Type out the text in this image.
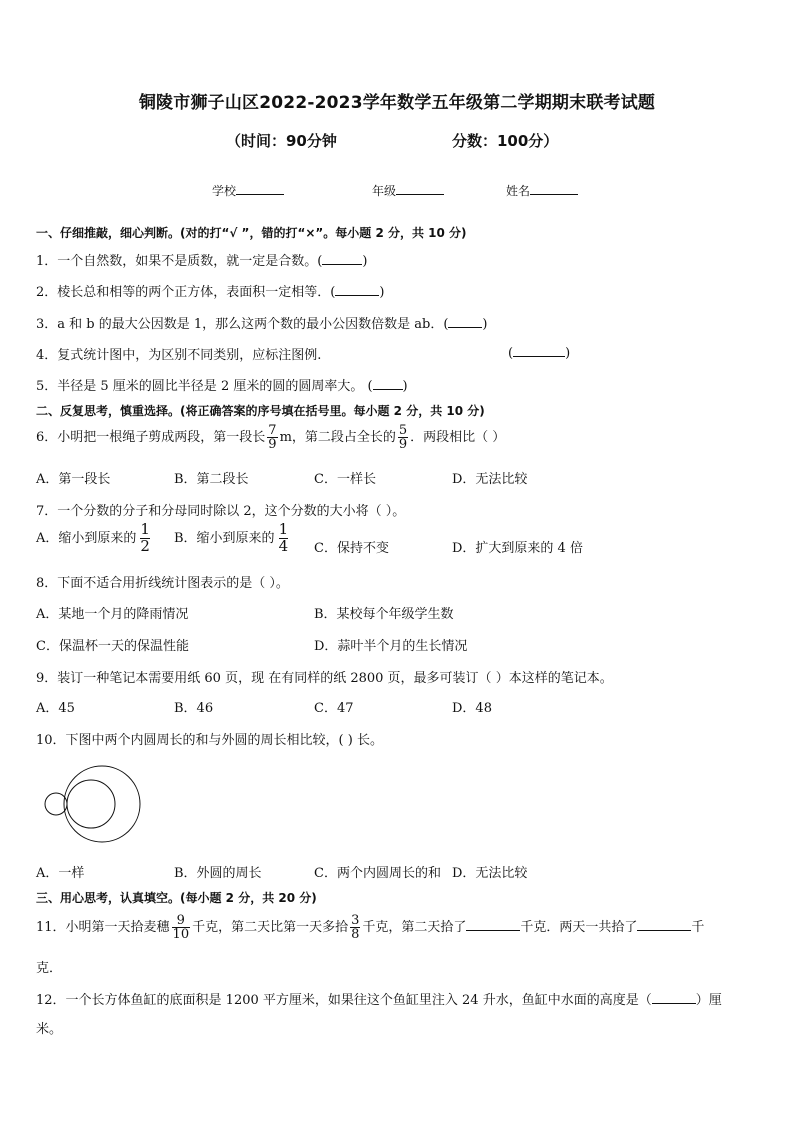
铜陵市狮子山区2022-2023学年数学五年级第二学期期末联考试题
（时间：90分钟	分数：100分）
学校	年级	姓名
一、仔细推敲，细心判断。(对的打“√ ”，错的打“×”。每小题 2 分，共 10 分)
1．一个自然数，如果不是质数，就一定是合数。(	)
2．棱长总和相等的两个正方体，表面积一定相等．(	)
3．a 和 b 的最大公因数是 1，那么这两个数的最小公因数倍数是 ab．(	)
4．复式统计图中，为区别不同类别，应标注图例.	(	)
5．半径是 5 厘米的圆比半径是 2 厘米的圆的圆周率大。 ( )
二、反复思考，慎重选择。(将正确答案的序号填在括号里。每小题 2 分，共 10 分)
6．小明把一根绳子剪成两段，第一段长 $\frac{7}{9}$ m，第二段占全长的 $\frac{5}{9}$ ．两段相比（ ）
A．第一段长	B．第二段长	C．一样长	D．无法比较
7．一个分数的分子和分母同时除以 2，这个分数的大小将（ ）。
A．缩小到原来的 $\frac{1}{2}$ B．缩小到原来的 $\frac{1}{4}$ C．保持不变	D．扩大到原来的 4 倍
8．下面不适合用折线统计图表示的是（ ）。
A．某地一个月的降雨情况	B．某校每个年级学生数
C．保温杯一天的保温性能	D．蒜叶半个月的生长情况
9．装订一种笔记本需要用纸 60 页，现 在有同样的纸 2800 页，最多可装订（ ）本这样的笔记本。
A．45	B．46	C．47	D．48
10．下图中两个内圆周长的和与外圆的周长相比较，( ) 长。
A．一样	B．外圆的周长	C．两个内圆周长的和 D．无法比较
三、用心思考，认真填空。(每小题 2 分，共 20 分)
11．小明第一天拾麦穗 $\frac{9}{10}$ 千克，第二天比第一天多拾 $\frac{3}{8}$ 千克，第二天拾了	千克．两天一共拾了	千
克．
12．一个长方体鱼缸的底面积是 1200 平方厘米，如果往这个鱼缸里注入 24 升水，鱼缸中水面的高度是（	）厘
米。
